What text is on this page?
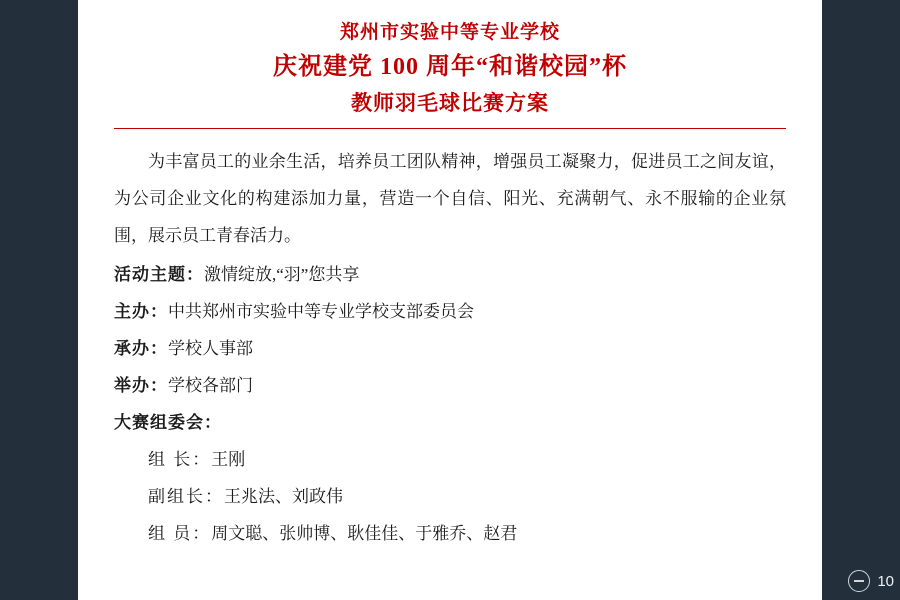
郑州市实验中等专业学校
庆祝建党 100 周年“和谐校园”杯
教师羽毛球比赛方案

为丰富员工的业余生活，培养员工团队精神，增强员工凝聚力，促进员工之间友谊，为公司企业文化的构建添加力量，营造一个自信、阳光、充满朝气、永不服输的企业氛围，展示员工青春活力。

活动主题：激情绽放,“羽”您共享

主办：中共郑州市实验中等专业学校支部委员会

承办：学校人事部

举办：学校各部门

大赛组委会：

组 长：王刚

副组长：王兆法、刘政伟

组 员：周文聪、张帅博、耿佳佳、于雅乔、赵君

10
